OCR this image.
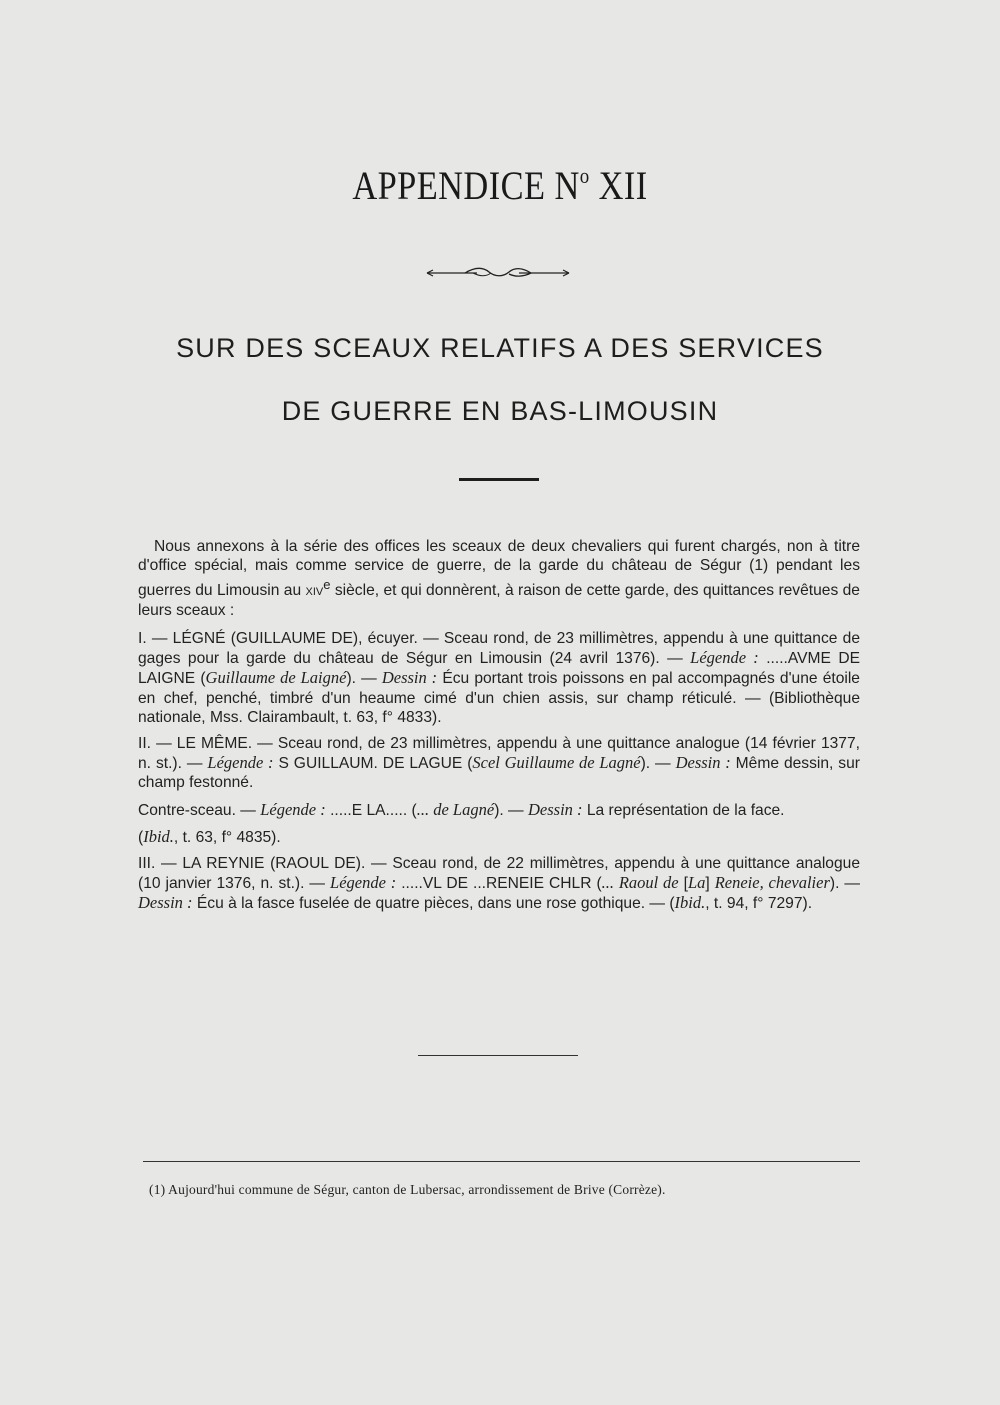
APPENDICE $N^o$ XII
SUR DES SCEAUX RELATIFS A DES SERVICES
DE GUERRE EN BAS-LIMOUSIN

Nous annexons à la série des offices les sceaux de deux chevaliers qui furent chargés, non à titre d'office spécial, mais comme service de guerre, de la garde du château de Ségur (1) pendant les guerres du Limousin au xiv$^e$ siècle, et qui donnèrent, à raison de cette garde, des quittances revêtues de leurs sceaux :

I. — LÉGNÉ (GUILLAUME DE), écuyer. — Sceau rond, de 23 millimètres, appendu à une quittance de gages pour la garde du château de Ségur en Limousin (24 avril 1376). — Légende : .....AVME DE LAIGNE (Guillaume de Laigné). — Dessin : Écu portant trois poissons en pal accompagnés d'une étoile en chef, penché, timbré d'un heaume cimé d'un chien assis, sur champ réticulé. — (Bibliothèque nationale, Mss. Clairambault, t. 63, f° 4833).

II. — LE MÊME. — Sceau rond, de 23 millimètres, appendu à une quittance analogue (14 février 1377, n. st.). — Légende : S GUILLAUM. DE LAGUE (Scel Guillaume de Lagné). — Dessin : Même dessin, sur champ festonné.

Contre-sceau. — Légende : .....E LA..... (... de Lagné). — Dessin : La représentation de la face.

(Ibid., t. 63, f° 4835).

III. — LA REYNIE (RAOUL DE). — Sceau rond, de 22 millimètres, appendu à une quittance analogue (10 janvier 1376, n. st.). — Légende : .....VL DE ...RENEIE CHLR (... Raoul de [La] Reneie, chevalier). — Dessin : Écu à la fasce fuselée de quatre pièces, dans une rose gothique. — (Ibid., t. 94, f° 7297).

(1) Aujourd'hui commune de Ségur, canton de Lubersac, arrondissement de Brive (Corrèze).
